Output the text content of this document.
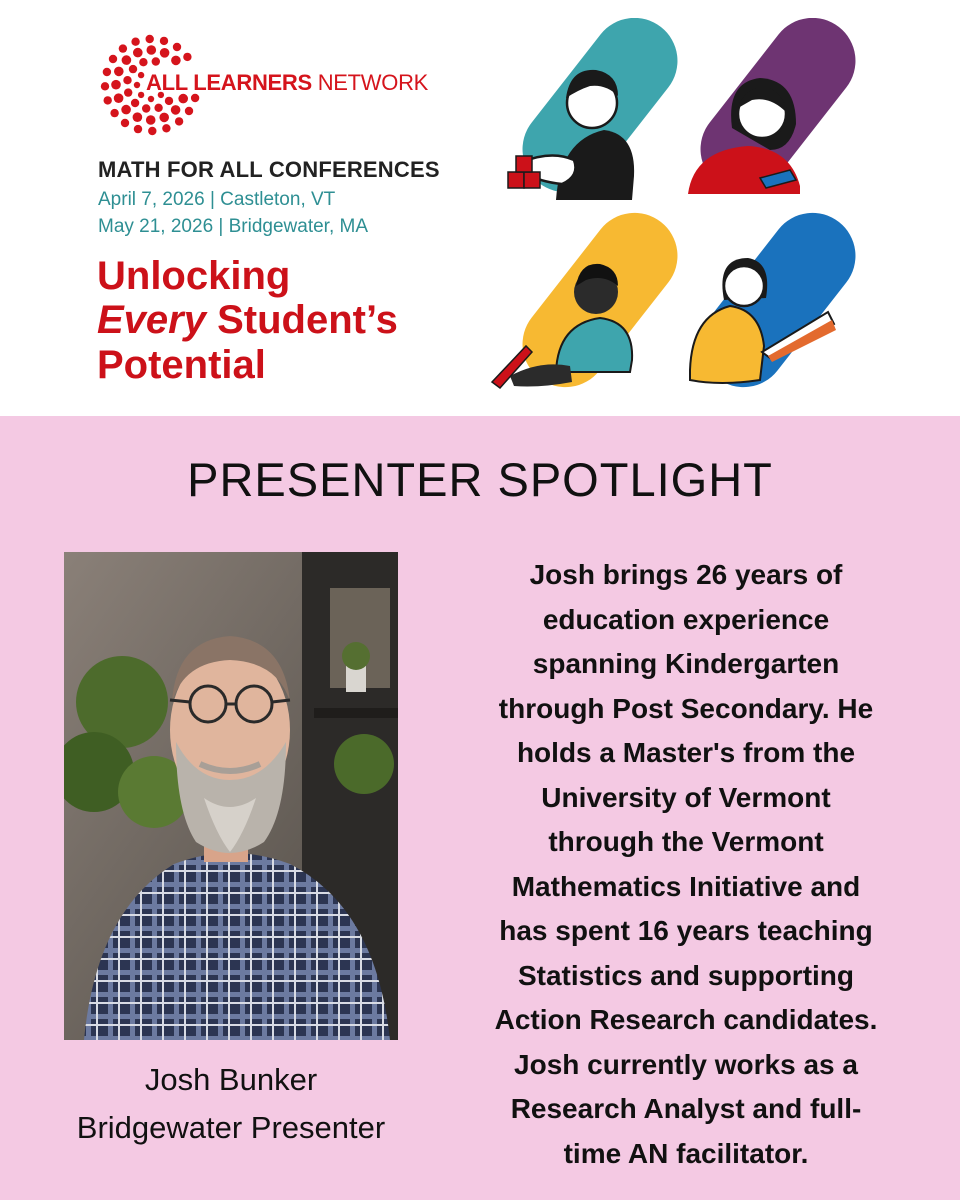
ALL LEARNERS NETWORK
MATH FOR ALL CONFERENCES
April 7, 2026 | Castleton, VT
May 21, 2026 | Bridgewater, MA
Unlocking
Every Student’s
Potential
PRESENTER SPOTLIGHT
Josh Bunker
Bridgewater Presenter
Josh brings 26 years of
education experience
spanning Kindergarten
through Post Secondary. He
holds a Master's from the
University of Vermont
through the Vermont
Mathematics Initiative and
has spent 16 years teaching
Statistics and supporting
Action Research candidates.
Josh currently works as a
Research Analyst and full-
time AN facilitator.
